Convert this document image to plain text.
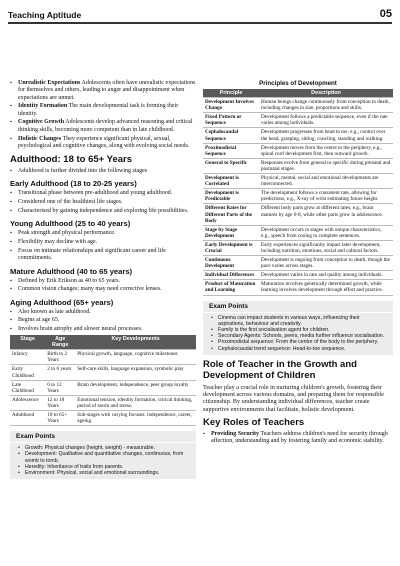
Teaching Aptitude	05
▪ Unrealistic Expectations Adolescents often have unrealistic expectations for themselves and others, leading to anger and disappointment when expectations are unmet.
▪ Identity Formation The main developmental task is forming their identity.
▪ Cognitive Growth Adolescents develop advanced reasoning and critical thinking skills, becoming more competent than in late childhood.
▪ Holistic Changes They experience significant physical, sexual, psychological and cognitive changes, along with evolving social needs.
Adulthood: 18 to 65+ Years
▪ Adulthood is further divided into the following stages
Early Adulthood (18 to 20-25 years)
▪ Transitional phase between pre-adulthood and young adulthood.
▪ Considered one of the healthiest life stages.
▪ Characterised by gaining independence and exploring life possibilities.
Young Adulthood (25 to 40 years)
▪ Peak strength and physical performance.
▪ Flexibility may decline with age.
▪ Focus on intimate relationships and significant career and life commitments.
Mature Adulthood (40 to 65 years)
▪ Defined by Erik Erikson as 40 to 65 years.
▪ Common vision changes; many may need corrective lenses.
Aging Adulthood (65+ years)
▪ Also known as late adulthood.
▪ Begins at age 65.
▪ Involves brain atrophy and slower neural processes.
Stage	Age Range	Key Developments
Infancy	Birth to 2 Years	Physical growth, language, cognitive milestones
Early Childhood	2 to 6 years	Self-care skills, language expansion, symbolic play
Late Childhood	6 to 12 Years	Brain development, independence, peer group loyalty
Adolescence	12 to 18 Years	Emotional tension, identity formation, critical thinking, period of storm and stress.
Adulthood	18 to 65+ Years	Sub-stages with varying focuses: independence, career, ageing.
Exam Points
• Growth: Physical changes (height, weight) - measurable.
• Development: Qualitative and quantitative changes, continuous, from womb to tomb.
• Heredity: Inheritance of traits from parents.
• Environment: Physical, social and emotional surroundings.
Principles of Development
Principle	Description
Development Involves Change	Human beings change continuously from conception to death, including changes in size, proportions and skills.
Fixed Pattern or Sequence	Development follows a predictable sequence, even if the rate varies among individuals.
Cephalocaudal Sequence	Development progresses from head to toe, e.g., control over the head, grasping, sitting, crawling, standing and walking.
Proximodistal Sequence	Development moves from the centre to the periphery, e.g., spinal cord development first, then outward growth.
General to Specific	Responses evolve from general to specific during prenatal and postnatal stages.
Development is Correlated	Physical, mental, social and emotional developments are interconnected.
Development is Predictable	The development follows a consistent rate, allowing for predictions, e.g., X-ray of wrist estimating future height.
Different Rates for Different Parts of the Body	Different body parts grow at different rates, e.g., brain matures by age 6-8, while other parts grow in adolescence.
Stage by Stage Development	Development occurs in stages with unique characteristics, e.g., speech from cooing to complete sentences.
Early Development is Crucial	Early experiences significantly impact later development, including nutrition, emotions, social and cultural factors.
Continuous Development	Development is ongoing from conception to death, though the pace varies across stages.
Individual Differences	Development varies in rate and quality among individuals.
Product of Maturation and Learning	Maturation involves genetically determined growth, while learning involves development through effort and practice.
Exam Points
• Cinema can impact students in various ways, influencing their aspirations, behaviour and creativity.
• Family is the first socialisation agent for children.
• Secondary Agents: Schools, peers, media further influence socialisation.
• Proximodistal sequence: From the centre of the body to the periphery.
• Cephalocaudal trend sequence: Head-to-toe sequence.
Role of Teacher in the Growth and Development of Children

Teacher play a crucial role in nurturing children's growth, fostering their development across various domains, and preparing them for responsible citizenship. By understanding individual differences, teacher create supportive environments that facilitate, holistic development.

Key Roles of Teachers
▪ Providing Security Teachers address children's need for security through affection, understanding and by fostering family and economic stability.
